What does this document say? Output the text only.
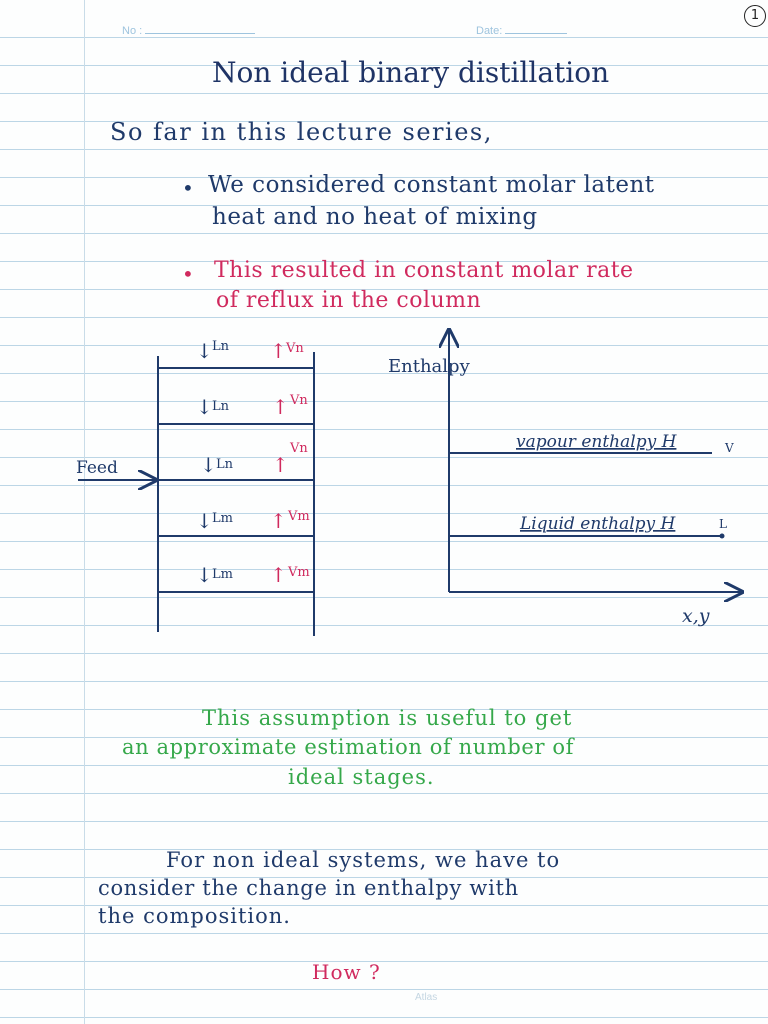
No :	Date:
1
Non ideal binary distillation
So far in this lecture series,
• We considered constant molar latent
heat and no heat of mixing
• This resulted in constant molar rate
of reflux in the column
Feed
↓ Ln ↑ Vn
↓ Ln ↑ Vn
↓ Ln ↑
Vn
↓ Lm ↑ Vm
↓ Lm ↑ Vm
Enthalpy
x,y
vapour enthalpy H	V
Liquid enthalpy H	L
This assumption is useful to get
an approximate estimation of number of
ideal stages.
For non ideal systems, we have to
consider the change in enthalpy with
the composition.
How ?
Atlas
